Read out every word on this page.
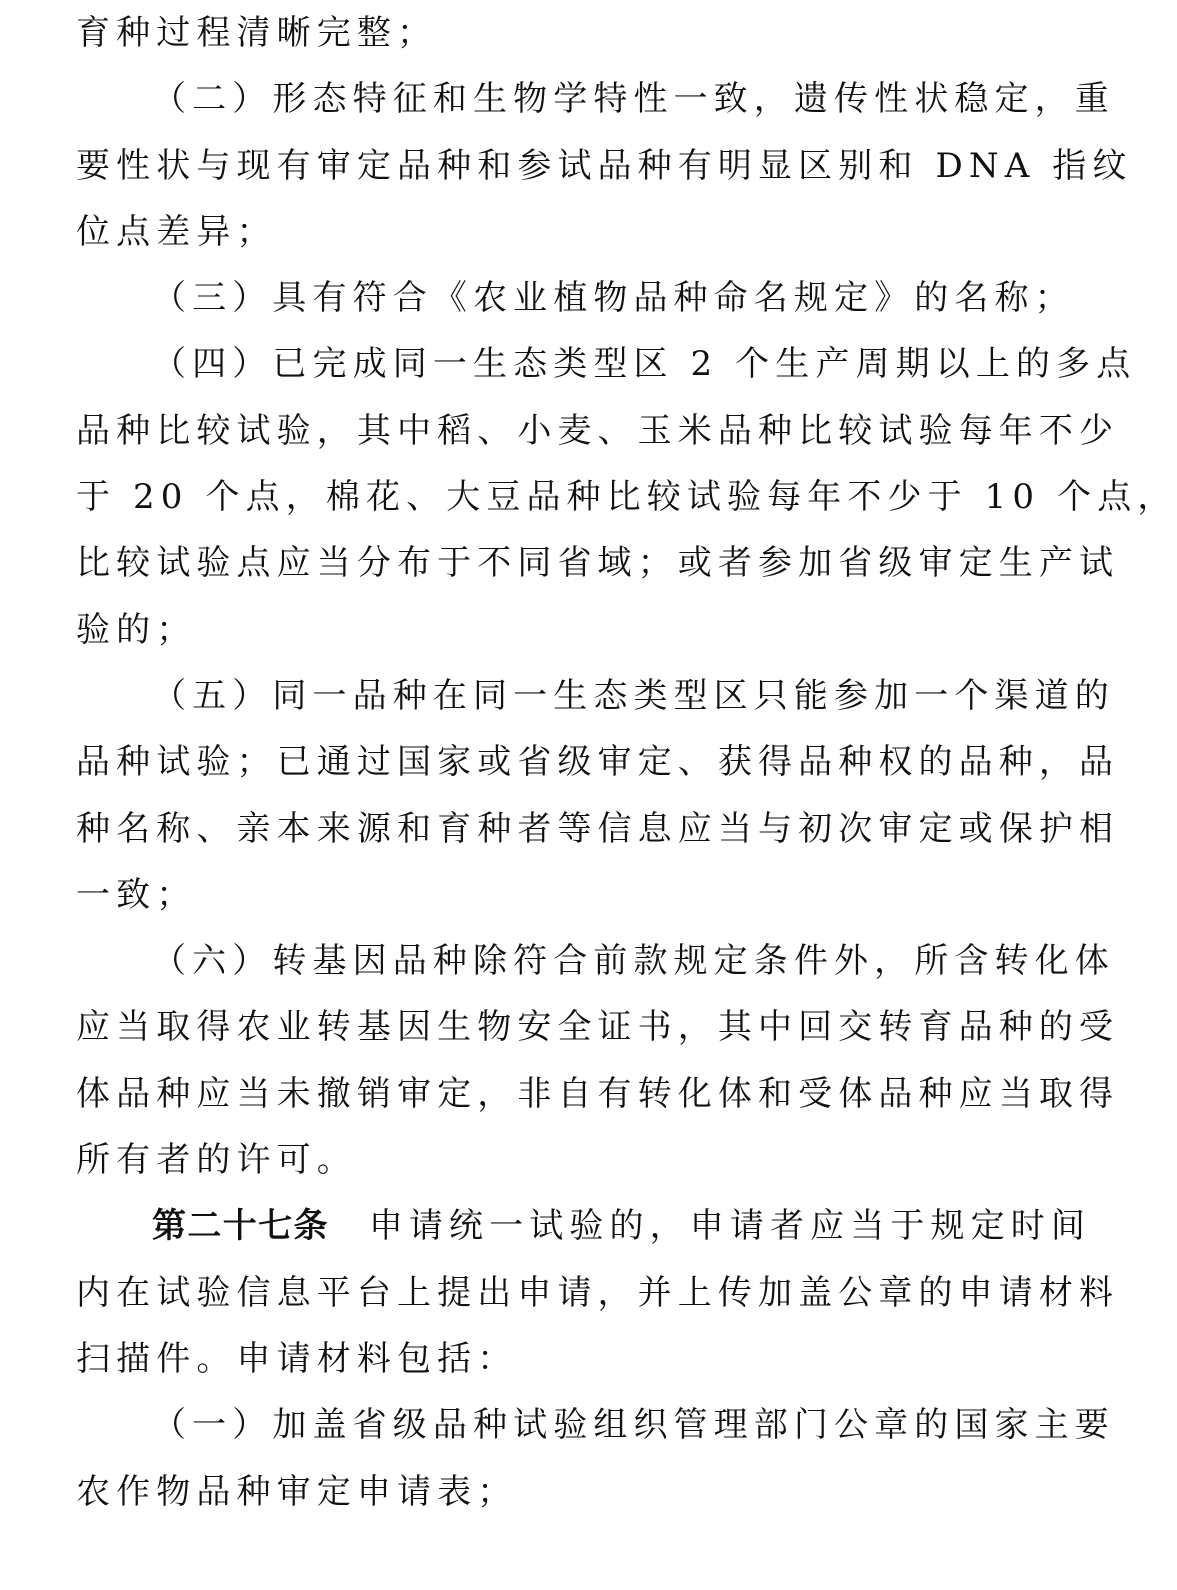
育种过程清晰完整；
（二）形态特征和生物学特性一致，遗传性状稳定，重
要性状与现有审定品种和参试品种有明显区别和 DNA 指纹
位点差异；
（三）具有符合《农业植物品种命名规定》的名称；
（四）已完成同一生态类型区 2 个生产周期以上的多点
品种比较试验，其中稻、小麦、玉米品种比较试验每年不少
于 20 个点，棉花、大豆品种比较试验每年不少于 10 个点，
比较试验点应当分布于不同省域；或者参加省级审定生产试
验的；
（五）同一品种在同一生态类型区只能参加一个渠道的
品种试验；已通过国家或省级审定、获得品种权的品种，品
种名称、亲本来源和育种者等信息应当与初次审定或保护相
一致；
（六）转基因品种除符合前款规定条件外，所含转化体
应当取得农业转基因生物安全证书，其中回交转育品种的受
体品种应当未撤销审定，非自有转化体和受体品种应当取得
所有者的许可。
第二十七条 申请统一试验的，申请者应当于规定时间
内在试验信息平台上提出申请，并上传加盖公章的申请材料
扫描件。申请材料包括：
（一）加盖省级品种试验组织管理部门公章的国家主要
农作物品种审定申请表；
